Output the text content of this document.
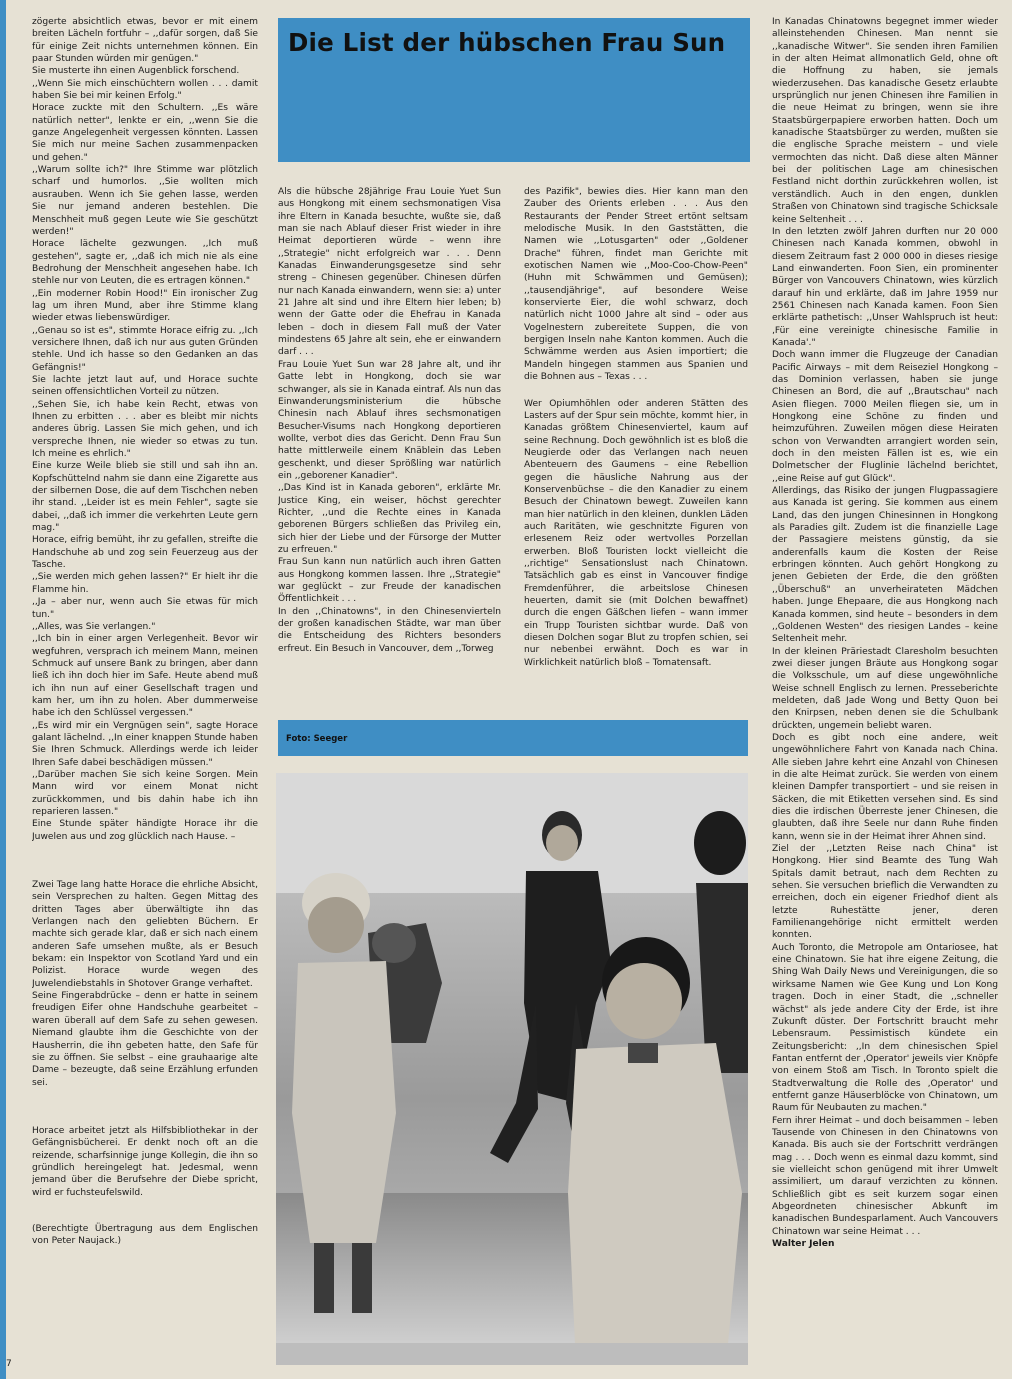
zögerte absichtlich etwas, bevor er mit einem breiten Lächeln fortfuhr – ,,dafür sorgen, daß Sie für einige Zeit nichts unternehmen können. Ein paar Stunden würden mir genügen."

Sie musterte ihn einen Augenblick forschend.

,,Wenn Sie mich einschüchtern wollen . . . damit haben Sie bei mir keinen Erfolg."

Horace zuckte mit den Schultern. ,,Es wäre natürlich netter", lenkte er ein, ,,wenn Sie die ganze Angelegenheit vergessen könnten. Lassen Sie mich nur meine Sachen zusammenpacken und gehen."

,,Warum sollte ich?" Ihre Stimme war plötzlich scharf und humorlos. ,,Sie wollten mich ausrauben. Wenn ich Sie gehen lasse, werden Sie nur jemand anderen bestehlen. Die Menschheit muß gegen Leute wie Sie geschützt werden!"

Horace lächelte gezwungen. ,,Ich muß gestehen", sagte er, ,,daß ich mich nie als eine Bedrohung der Menschheit angesehen habe. Ich stehle nur von Leuten, die es ertragen können."

,,Ein moderner Robin Hood!" Ein ironischer Zug lag um ihren Mund, aber ihre Stimme klang wieder etwas liebenswürdiger.

,,Genau so ist es", stimmte Horace eifrig zu. ,,Ich versichere Ihnen, daß ich nur aus guten Gründen stehle. Und ich hasse so den Gedanken an das Gefängnis!"

Sie lachte jetzt laut auf, und Horace suchte seinen offensichtlichen Vorteil zu nützen.

,,Sehen Sie, ich habe kein Recht, etwas von Ihnen zu erbitten . . . aber es bleibt mir nichts anderes übrig. Lassen Sie mich gehen, und ich verspreche Ihnen, nie wieder so etwas zu tun. Ich meine es ehrlich."

Eine kurze Weile blieb sie still und sah ihn an. Kopfschüttelnd nahm sie dann eine Zigarette aus der silbernen Dose, die auf dem Tischchen neben ihr stand. ,,Leider ist es mein Fehler", sagte sie dabei, ,,daß ich immer die verkehrten Leute gern mag."

Horace, eifrig bemüht, ihr zu gefallen, streifte die Handschuhe ab und zog sein Feuerzeug aus der Tasche.

,,Sie werden mich gehen lassen?" Er hielt ihr die Flamme hin.

,,Ja – aber nur, wenn auch Sie etwas für mich tun."

,,Alles, was Sie verlangen."

,,Ich bin in einer argen Verlegenheit. Bevor wir wegfuhren, versprach ich meinem Mann, meinen Schmuck auf unsere Bank zu bringen, aber dann ließ ich ihn doch hier im Safe. Heute abend muß ich ihn nun auf einer Gesellschaft tragen und kam her, um ihn zu holen. Aber dummerweise habe ich den Schlüssel vergessen."

,,Es wird mir ein Vergnügen sein", sagte Horace galant lächelnd. ,,In einer knappen Stunde haben Sie Ihren Schmuck. Allerdings werde ich leider Ihren Safe dabei beschädigen müssen."

,,Darüber machen Sie sich keine Sorgen. Mein Mann wird vor einem Monat nicht zurückkommen, und bis dahin habe ich ihn reparieren lassen."

Eine Stunde später händigte Horace ihr die Juwelen aus und zog glücklich nach Hause. –

Zwei Tage lang hatte Horace die ehrliche Absicht, sein Versprechen zu halten. Gegen Mittag des dritten Tages aber überwältigte ihn das Verlangen nach den geliebten Büchern. Er machte sich gerade klar, daß er sich nach einem anderen Safe umsehen mußte, als er Besuch bekam: ein Inspektor von Scotland Yard und ein Polizist. Horace wurde wegen des Juwelendiebstahls in Shotover Grange verhaftet.

Seine Fingerabdrücke – denn er hatte in seinem freudigen Eifer ohne Handschuhe gearbeitet – waren überall auf dem Safe zu sehen gewesen. Niemand glaubte ihm die Geschichte von der Hausherrin, die ihn gebeten hatte, den Safe für sie zu öffnen. Sie selbst – eine grauhaarige alte Dame – bezeugte, daß seine Erzählung erfunden sei.

Horace arbeitet jetzt als Hilfsbibliothekar in der Gefängnisbücherei. Er denkt noch oft an die reizende, scharfsinnige junge Kollegin, die ihn so gründlich hereingelegt hat. Jedesmal, wenn jemand über die Berufsehre der Diebe spricht, wird er fuchsteufelswild.

(Berechtigte Übertragung aus dem Englischen von Peter Naujack.)

Die List der hübschen Frau Sun

Als die hübsche 28jährige Frau Louie Yuet Sun aus Hongkong mit einem sechsmonatigen Visa ihre Eltern in Kanada besuchte, wußte sie, daß man sie nach Ablauf dieser Frist wieder in ihre Heimat deportieren würde – wenn ihre ,,Strategie" nicht erfolgreich war . . . Denn Kanadas Einwanderungsgesetze sind sehr streng – Chinesen gegenüber. Chinesen dürfen nur nach Kanada einwandern, wenn sie: a) unter 21 Jahre alt sind und ihre Eltern hier leben; b) wenn der Gatte oder die Ehefrau in Kanada leben – doch in diesem Fall muß der Vater mindestens 65 Jahre alt sein, ehe er einwandern darf . . .

Frau Louie Yuet Sun war 28 Jahre alt, und ihr Gatte lebt in Hongkong, doch sie war schwanger, als sie in Kanada eintraf. Als nun das Einwanderungsministerium die hübsche Chinesin nach Ablauf ihres sechsmonatigen Besucher-Visums nach Hongkong deportieren wollte, verbot dies das Gericht. Denn Frau Sun hatte mittlerweile einem Knäblein das Leben geschenkt, und dieser Sprößling war natürlich ein ,,geborener Kanadier".

,,Das Kind ist in Kanada geboren", erklärte Mr. Justice King, ein weiser, höchst gerechter Richter, ,,und die Rechte eines in Kanada geborenen Bürgers schließen das Privileg ein, sich hier der Liebe und der Fürsorge der Mutter zu erfreuen."

Frau Sun kann nun natürlich auch ihren Gatten aus Hongkong kommen lassen. Ihre ,,Strategie" war geglückt – zur Freude der kanadischen Öffentlichkeit . . .

In den ,,Chinatowns", in den Chinesenvierteln der großen kanadischen Städte, war man über die Entscheidung des Richters besonders erfreut. Ein Besuch in Vancouver, dem ,,Torweg

des Pazifik", bewies dies. Hier kann man den Zauber des Orients erleben . . . Aus den Restaurants der Pender Street ertönt seltsam melodische Musik. In den Gaststätten, die Namen wie ,,Lotusgarten" oder ,,Goldener Drache" führen, findet man Gerichte mit exotischen Namen wie ,,Moo-Coo-Chow-Peen" (Huhn mit Schwämmen und Gemüsen); ,,tausendjährige", auf besondere Weise konservierte Eier, die wohl schwarz, doch natürlich nicht 1000 Jahre alt sind – oder aus Vogelnestern zubereitete Suppen, die von bergigen Inseln nahe Kanton kommen. Auch die Schwämme werden aus Asien importiert; die Mandeln hingegen stammen aus Spanien und die Bohnen aus – Texas . . .

Wer Opiumhöhlen oder anderen Stätten des Lasters auf der Spur sein möchte, kommt hier, in Kanadas größtem Chinesenviertel, kaum auf seine Rechnung. Doch gewöhnlich ist es bloß die Neugierde oder das Verlangen nach neuen Abenteuern des Gaumens – eine Rebellion gegen die häusliche Nahrung aus der Konservenbüchse – die den Kanadier zu einem Besuch der Chinatown bewegt. Zuweilen kann man hier natürlich in den kleinen, dunklen Läden auch Raritäten, wie geschnitzte Figuren von erlesenem Reiz oder wertvolles Porzellan erwerben. Bloß Touristen lockt vielleicht die ,,richtige" Sensationslust nach Chinatown. Tatsächlich gab es einst in Vancouver findige Fremdenführer, die arbeitslose Chinesen heuerten, damit sie (mit Dolchen bewaffnet) durch die engen Gäßchen liefen – wann immer ein Trupp Touristen sichtbar wurde. Daß von diesen Dolchen sogar Blut zu tropfen schien, sei nur nebenbei erwähnt. Doch es war in Wirklichkeit natürlich bloß – Tomatensaft.

Foto: Seeger

In Kanadas Chinatowns begegnet immer wieder alleinstehenden Chinesen. Man nennt sie ,,kanadische Witwer". Sie senden ihren Familien in der alten Heimat allmonatlich Geld, ohne oft die Hoffnung zu haben, sie jemals wiederzusehen. Das kanadische Gesetz erlaubte ursprünglich nur jenen Chinesen ihre Familien in die neue Heimat zu bringen, wenn sie ihre Staatsbürgerpapiere erworben hatten. Doch um kanadische Staatsbürger zu werden, mußten sie die englische Sprache meistern – und viele vermochten das nicht. Daß diese alten Männer bei der politischen Lage am chinesischen Festland nicht dorthin zurückkehren wollen, ist verständlich. Auch in den engen, dunklen Straßen von Chinatown sind tragische Schicksale keine Seltenheit . . .

In den letzten zwölf Jahren durften nur 20 000 Chinesen nach Kanada kommen, obwohl in diesem Zeitraum fast 2 000 000 in dieses riesige Land einwanderten. Foon Sien, ein prominenter Bürger von Vancouvers Chinatown, wies kürzlich darauf hin und erklärte, daß im Jahre 1959 nur 2561 Chinesen nach Kanada kamen. Foon Sien erklärte pathetisch: ,,Unser Wahlspruch ist heut: ‚Für eine vereinigte chinesische Familie in Kanada'."

Doch wann immer die Flugzeuge der Canadian Pacific Airways – mit dem Reiseziel Hongkong – das Dominion verlassen, haben sie junge Chinesen an Bord, die auf ,,Brautschau" nach Asien fliegen. 7000 Meilen fliegen sie, um in Hongkong eine Schöne zu finden und heimzuführen. Zuweilen mögen diese Heiraten schon von Verwandten arrangiert worden sein, doch in den meisten Fällen ist es, wie ein Dolmetscher der Fluglinie lächelnd berichtet, ,,eine Reise auf gut Glück".

Allerdings, das Risiko der jungen Flugpassagiere aus Kanada ist gering. Sie kommen aus einem Land, das den jungen Chinesinnen in Hongkong als Paradies gilt. Zudem ist die finanzielle Lage der Passagiere meistens günstig, da sie anderenfalls kaum die Kosten der Reise erbringen könnten. Auch gehört Hongkong zu jenen Gebieten der Erde, die den größten ,,Überschuß" an unverheirateten Mädchen haben. Junge Ehepaare, die aus Hongkong nach Kanada kommen, sind heute – besonders in dem ,,Goldenen Westen" des riesigen Landes – keine Seltenheit mehr.

In der kleinen Präriestadt Claresholm besuchten zwei dieser jungen Bräute aus Hongkong sogar die Volksschule, um auf diese ungewöhnliche Weise schnell Englisch zu lernen. Presseberichte meldeten, daß Jade Wong und Betty Quon bei den Knirpsen, neben denen sie die Schulbank drückten, ungemein beliebt waren.

Doch es gibt noch eine andere, weit ungewöhnlichere Fahrt von Kanada nach China. Alle sieben Jahre kehrt eine Anzahl von Chinesen in die alte Heimat zurück. Sie werden von einem kleinen Dampfer transportiert – und sie reisen in Säcken, die mit Etiketten versehen sind. Es sind dies die irdischen Überreste jener Chinesen, die glaubten, daß ihre Seele nur dann Ruhe finden kann, wenn sie in der Heimat ihrer Ahnen sind.

Ziel der ,,Letzten Reise nach China" ist Hongkong. Hier sind Beamte des Tung Wah Spitals damit betraut, nach dem Rechten zu sehen. Sie versuchen brieflich die Verwandten zu erreichen, doch ein eigener Friedhof dient als letzte Ruhestätte jener, deren Familienangehörige nicht ermittelt werden konnten.

Auch Toronto, die Metropole am Ontariosee, hat eine Chinatown. Sie hat ihre eigene Zeitung, die Shing Wah Daily News und Vereinigungen, die so wirksame Namen wie Gee Kung und Lon Kong tragen. Doch in einer Stadt, die ,,schneller wächst" als jede andere City der Erde, ist ihre Zukunft düster. Der Fortschritt braucht mehr Lebensraum. Pessimistisch kündete ein Zeitungsbericht: ,,In dem chinesischen Spiel Fantan entfernt der ‚Operator' jeweils vier Knöpfe von einem Stoß am Tisch. In Toronto spielt die Stadtverwaltung die Rolle des ‚Operator' und entfernt ganze Häuserblöcke von Chinatown, um Raum für Neubauten zu machen."

Fern ihrer Heimat – und doch beisammen – leben Tausende von Chinesen in den Chinatowns von Kanada. Bis auch sie der Fortschritt verdrängen mag . . . Doch wenn es einmal dazu kommt, sind sie vielleicht schon genügend mit ihrer Umwelt assimiliert, um darauf verzichten zu können. Schließlich gibt es seit kurzem sogar einen Abgeordneten chinesischer Abkunft im kanadischen Bundesparlament. Auch Vancouvers Chinatown war seine Heimat . . .

Walter Jelen

7
